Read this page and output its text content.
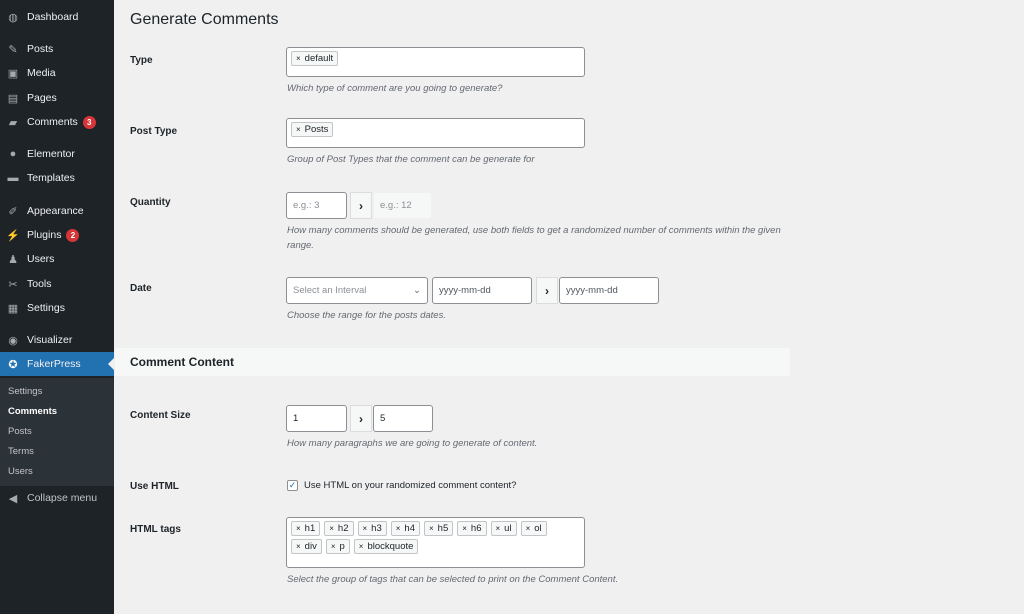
◍ Dashboard
✎ Posts
▣ Media
▤ Pages
▰ Comments	3
●	Elementor
▬ Templates
✐ Appearance
⚡ Plugins	2
♟ Users
✂ Tools
▦ Settings
◉ Visualizer
✪ FakerPress
Settings
Comments
Posts
Terms
Users
◀ Collapse menu
Generate Comments
Type	× default
Which type of comment are you going to generate?
Post Type	× Posts
Group of Post Types that the comment can be generate for
Quantity	e.g.: 3	›	e.g.: 12
How many comments should be generated, use both fields to get a randomized number of comments within the given range.
Date	Select an Interval	⌄ yyyy-mm-dd	›	yyyy-mm-dd
Choose the range for the posts dates.
Comment Content
Content Size	1	›	5
How many paragraphs we are going to generate of content.
Use HTML	✓ Use HTML on your randomized comment content?
HTML tags	× h1 × h2 × h3 × h4 × h5 × h6 × ul × ol
× div × p × blockquote
Select the group of tags that can be selected to print on the Comment Content.
